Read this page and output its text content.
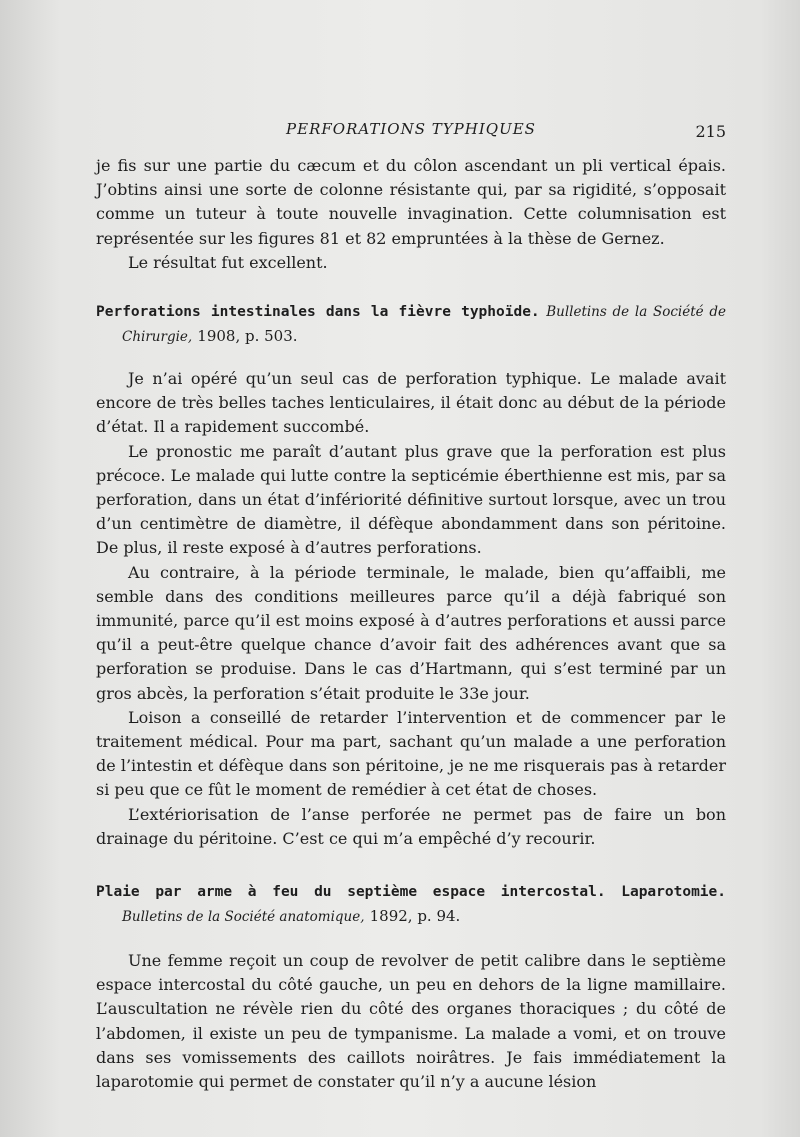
PERFORATIONS TYPHIQUES	215

je fis sur une partie du cæcum et du côlon ascendant un pli vertical épais. J’obtins ainsi une sorte de colonne résistante qui, par sa rigidité, s’opposait comme un tuteur à toute nouvelle invagination. Cette columnisation est représentée sur les figures 81 et 82 empruntées à la thèse de Gernez.

Le résultat fut excellent.

Perforations intestinales dans la fièvre typhoïde. Bulletins de la Société de Chirurgie, 1908, p. 503.

Je n’ai opéré qu’un seul cas de perforation typhique. Le malade avait encore de très belles taches lenticulaires, il était donc au début de la période d’état. Il a rapidement succombé.

Le pronostic me paraît d’autant plus grave que la perforation est plus précoce. Le malade qui lutte contre la septicémie éberthienne est mis, par sa perforation, dans un état d’infériorité définitive surtout lorsque, avec un trou d’un centimètre de diamètre, il défèque abondamment dans son péritoine. De plus, il reste exposé à d’autres perforations.

Au contraire, à la période terminale, le malade, bien qu’affaibli, me semble dans des conditions meilleures parce qu’il a déjà fabriqué son immunité, parce qu’il est moins exposé à d’autres perforations et aussi parce qu’il a peut-être quelque chance d’avoir fait des adhérences avant que sa perforation se produise. Dans le cas d’Hartmann, qui s’est terminé par un gros abcès, la perforation s’était produite le 33e jour.

Loison a conseillé de retarder l’intervention et de commencer par le traitement médical. Pour ma part, sachant qu’un malade a une perforation de l’intestin et défèque dans son péritoine, je ne me risquerais pas à retarder si peu que ce fût le moment de remédier à cet état de choses.

L’extériorisation de l’anse perforée ne permet pas de faire un bon drainage du péritoine. C’est ce qui m’a empêché d’y recourir.

Plaie par arme à feu du septième espace intercostal. Laparotomie. Bulletins de la Société anatomique, 1892, p. 94.

Une femme reçoit un coup de revolver de petit calibre dans le septième espace intercostal du côté gauche, un peu en dehors de la ligne mamillaire. L’auscultation ne révèle rien du côté des organes thoraciques ; du côté de l’abdomen, il existe un peu de tympanisme. La malade a vomi, et on trouve dans ses vomissements des caillots noirâtres. Je fais immédiatement la laparotomie qui permet de constater qu’il n’y a aucune lésion
